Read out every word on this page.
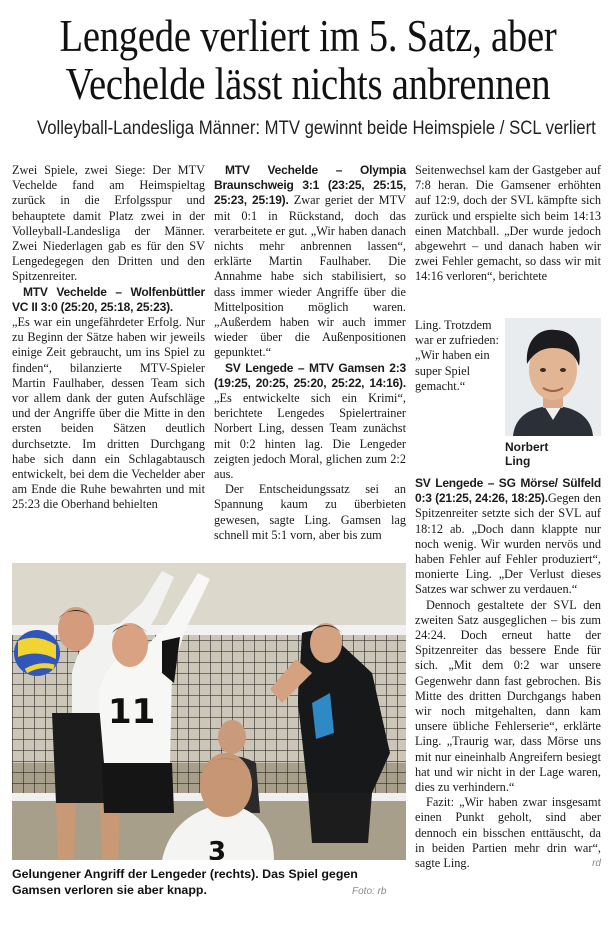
Lengede verliert im 5. Satz, aber
Vechelde lässt nichts anbrennen
Volleyball-Landesliga Männer: MTV gewinnt beide Heimspiele / SCL verliert

Zwei Spiele, zwei Siege: Der MTV Vechelde fand am Heimspieltag zurück in die Erfolgsspur und behauptete damit Platz zwei in der Volleyball-Landesliga der Männer. Zwei Niederlagen gab es für den SV Lengedegegen den Dritten und den Spitzenreiter.

MTV Vechelde – Wolfenbüttler VC II 3:0 (25:20, 25:18, 25:23).

„Es war ein ungefährdeter Erfolg. Nur zu Beginn der Sätze haben wir jeweils einige Zeit gebraucht, um ins Spiel zu finden“, bilanzierte MTV-Spieler Martin Faulhaber, dessen Team sich vor allem dank der guten Aufschläge und der Angriffe über die Mitte in den ersten beiden Sätzen deutlich durchsetzte. Im dritten Durchgang habe sich dann ein Schlagabtausch entwickelt, bei dem die Vechelder aber am Ende die Ruhe bewahrten und mit 25:23 die Oberhand behielten

MTV Vechelde – Olympia Braunschweig 3:1 (23:25, 25:15, 25:23, 25:19). Zwar geriet der MTV mit 0:1 in Rückstand, doch das verarbeitete er gut. „Wir haben danach nichts mehr anbrennen lassen“, erklärte Martin Faulhaber. Die Annahme habe sich stabilisiert, so dass immer wieder Angriffe über die Mittelposition möglich waren. „Außerdem haben wir auch immer wieder über die Außenpositionen gepunktet.“

SV Lengede – MTV Gamsen 2:3 (19:25, 20:25, 25:20, 25:22, 14:16). „Es entwickelte sich ein Krimi“, berichtete Lengedes Spielertrainer Norbert Ling, dessen Team zunächst mit 0:2 hinten lag. Die Lengeder zeigten jedoch Moral, glichen zum 2:2 aus.

Der Entscheidungssatz sei an Spannung kaum zu überbieten gewesen, sagte Ling. Gamsen lag schnell mit 5:1 vorn, aber bis zum

Seitenwechsel kam der Gastgeber auf 7:8 heran. Die Gamsener erhöhten auf 12:9, doch der SVL kämpfte sich zurück und erspielte sich beim 14:13 einen Matchball. „Der wurde jedoch abgewehrt – und danach haben wir zwei Fehler gemacht, so dass wir mit 14:16 verloren“, berichtete

Ling. Trotzdem war er zufrieden: „Wir haben ein super Spiel gemacht.“
Norbert
Ling

SV Lengede – SG Mörse/ Sülfeld 0:3 (21:25, 24:26, 18:25).Gegen den Spitzenreiter setzte sich der SVL auf 18:12 ab. „Doch dann klappte nur noch wenig. Wir wurden nervös und haben Fehler auf Fehler produziert“, monierte Ling. „Der Verlust dieses Satzes war schwer zu verdauen.“

Dennoch gestaltete der SVL den zweiten Satz ausgeglichen – bis zum 24:24. Doch erneut hatte der Spitzenreiter das bessere Ende für sich. „Mit dem 0:2 war unsere Gegenwehr dann fast gebrochen. Bis Mitte des dritten Durchgangs haben wir noch mitgehalten, dann kam unsere übliche Fehlerserie“, erklärte Ling. „Traurig war, dass Mörse uns mit nur eineinhalb Angreifern besiegt hat und wir nicht in der Lage waren, dies zu verhindern.“

Fazit: „Wir haben zwar insgesamt einen Punkt geholt, sind aber dennoch ein bisschen enttäuscht, da in beiden Partien mehr drin war“, sagte Ling.	rd

11
3
Gelungener Angriff der Lengeder (rechts). Das Spiel gegen Gamsen verloren sie aber knapp.	Foto: rb
